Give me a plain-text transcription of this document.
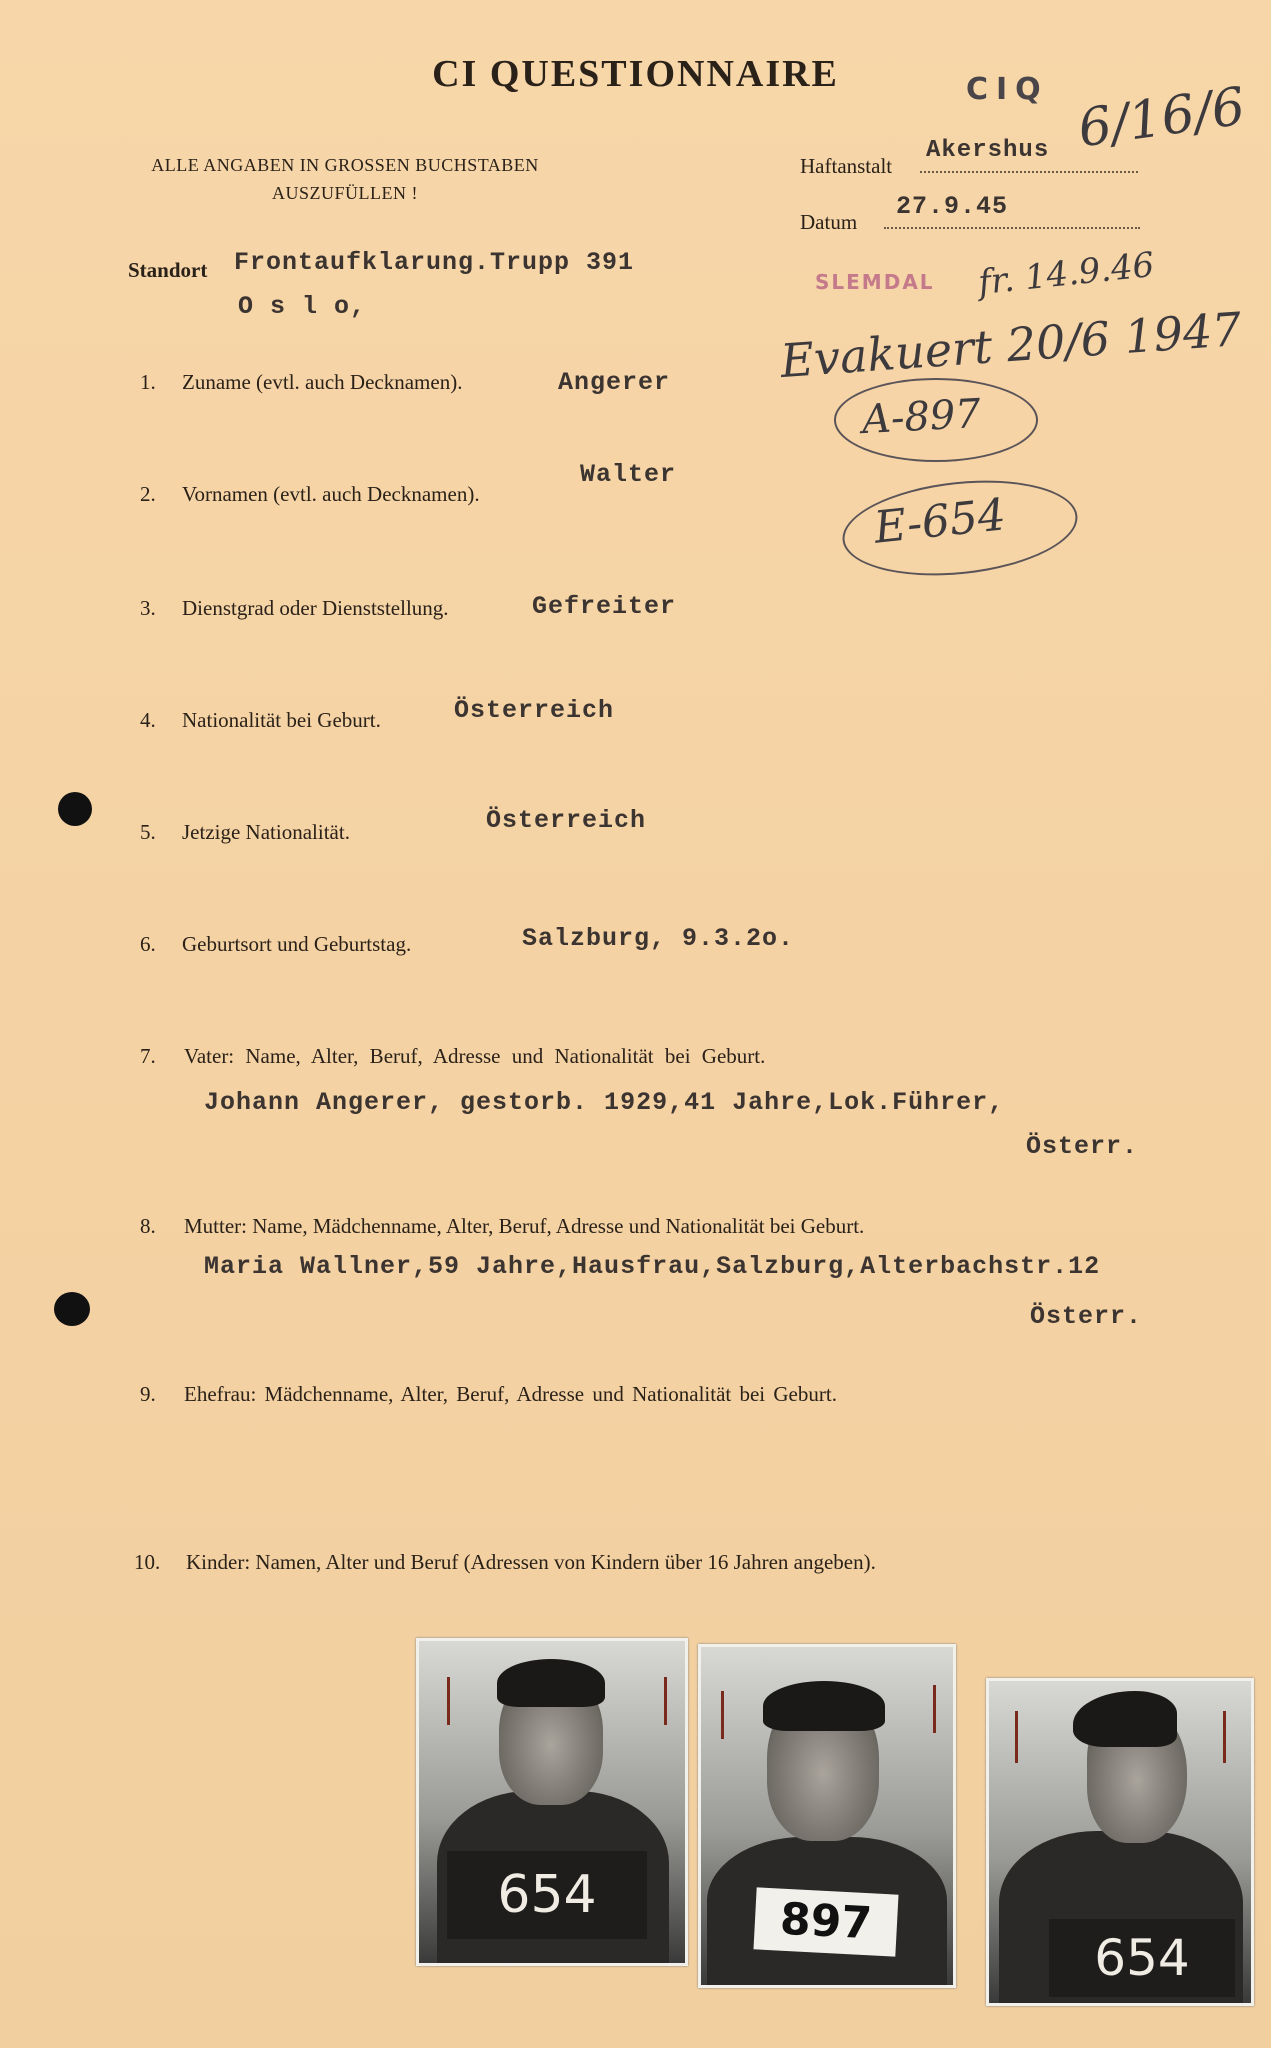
CI QUESTIONNAIRE
ALLE ANGABEN IN GROSSEN BUCHSTABEN
AUSZUFÜLLEN !
Haftanstalt
Akershus
Datum
27.9.45
Standort Frontaufklarung.Trupp 391
O s l o,
CIQ 6/16/6
SLEMDAL fr. 14.9.46
Evakuert 20/6 1947
A-897
E-654
1. Zuname (evtl. auch Decknamen).	Angerer
2. Vornamen (evtl. auch Decknamen).
Walter
3. Dienstgrad oder Dienststellung.	Gefreiter
4. Nationalität bei Geburt.	Österreich
5. Jetzige Nationalität.	Österreich
6. Geburtsort und Geburtstag.	Salzburg, 9.3.2o.
7. Vater: Name, Alter, Beruf, Adresse und Nationalität bei Geburt.
Johann Angerer, gestorb. 1929,41 Jahre,Lok.Führer,
Österr.
8. Mutter: Name, Mädchenname, Alter, Beruf, Adresse und Nationalität bei Geburt.
Maria Wallner,59 Jahre,Hausfrau,Salzburg,Alterbachstr.12
Österr.
9. Ehefrau: Mädchenname, Alter, Beruf, Adresse und Nationalität bei Geburt.
10. Kinder: Namen, Alter und Beruf (Adressen von Kindern über 16 Jahren angeben).
654	897
654
